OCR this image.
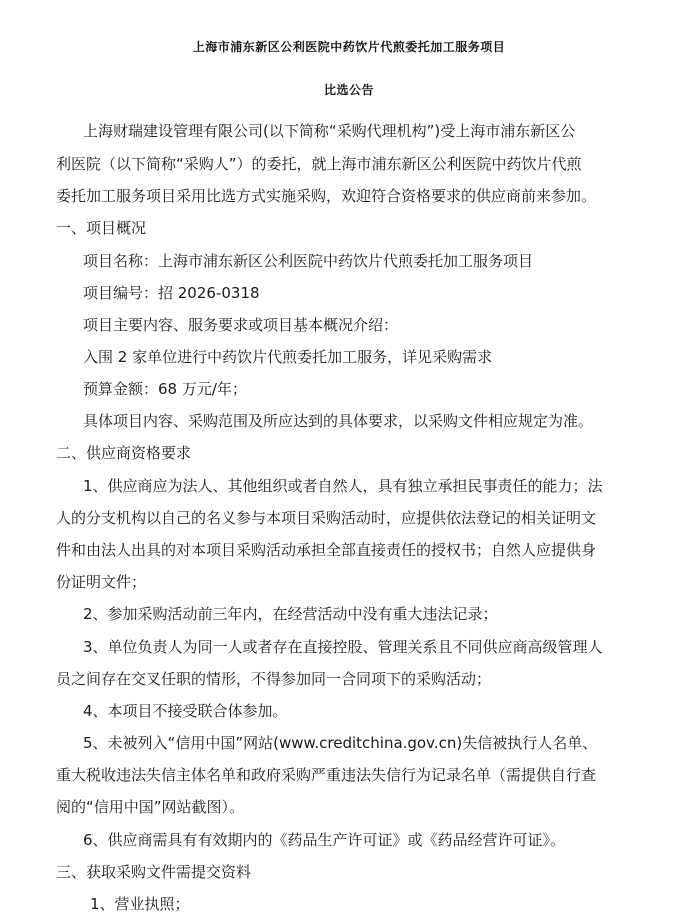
上海市浦东新区公利医院中药饮片代煎委托加工服务项目
比选公告
上海财瑞建设管理有限公司(以下简称“采购代理机构”)受上海市浦东新区公
利医院（以下简称“采购人”）的委托，就上海市浦东新区公利医院中药饮片代煎
委托加工服务项目采用比选方式实施采购，欢迎符合资格要求的供应商前来参加。
一、项目概况
项目名称：上海市浦东新区公利医院中药饮片代煎委托加工服务项目
项目编号：招 2026-0318
项目主要内容、服务要求或项目基本概况介绍：
入围 2 家单位进行中药饮片代煎委托加工服务，详见采购需求
预算金额：68 万元/年；
具体项目内容、采购范围及所应达到的具体要求，以采购文件相应规定为准。
二、供应商资格要求
1、供应商应为法人、其他组织或者自然人，具有独立承担民事责任的能力；法
人的分支机构以自己的名义参与本项目采购活动时，应提供依法登记的相关证明文
件和由法人出具的对本项目采购活动承担全部直接责任的授权书；自然人应提供身
份证明文件；
2、参加采购活动前三年内，在经营活动中没有重大违法记录；
3、单位负责人为同一人或者存在直接控股、管理关系且不同供应商高级管理人
员之间存在交叉任职的情形，不得参加同一合同项下的采购活动；
4、本项目不接受联合体参加。
5、未被列入“信用中国”网站(www.creditchina.gov.cn)失信被执行人名单、
重大税收违法失信主体名单和政府采购严重违法失信行为记录名单（需提供自行查
阅的“信用中国”网站截图）。
6、供应商需具有有效期内的《药品生产许可证》或《药品经营许可证》。
三、获取采购文件需提交资料
1、营业执照；
